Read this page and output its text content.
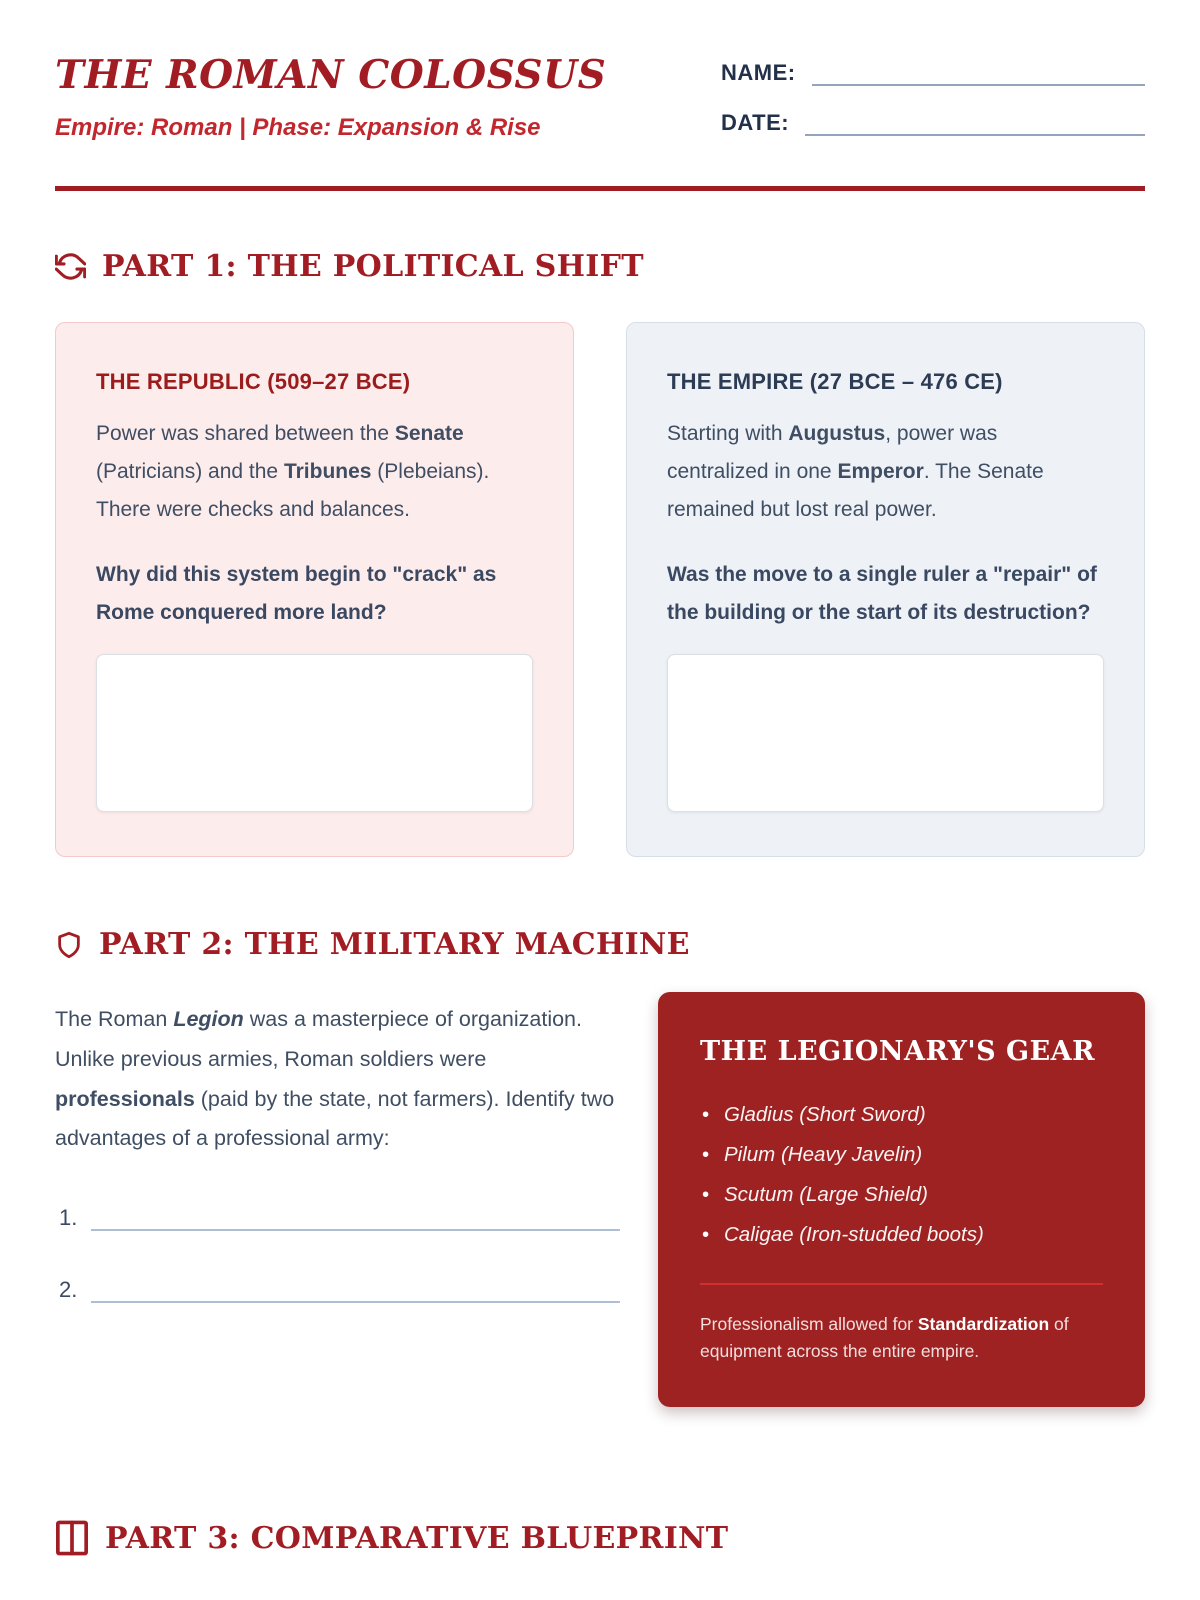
THE ROMAN COLOSSUS
Empire: Roman | Phase: Expansion & Rise
NAME:
DATE:
PART 1: THE POLITICAL SHIFT
THE REPUBLIC (509–27 BCE)

Power was shared between the Senate (Patricians) and the Tribunes (Plebeians). There were checks and balances.

Why did this system begin to "crack" as Rome conquered more land?

THE EMPIRE (27 BCE – 476 CE)

Starting with Augustus, power was centralized in one Emperor. The Senate remained but lost real power.

Was the move to a single ruler a "repair" of the building or the start of its destruction?

PART 2: THE MILITARY MACHINE

The Roman Legion was a masterpiece of organization. Unlike previous armies, Roman soldiers were professionals (paid by the state, not farmers). Identify two advantages of a professional army:

1.
2.
THE LEGIONARY'S GEAR
• Gladius (Short Sword)
• Pilum (Heavy Javelin)
• Scutum (Large Shield)
• Caligae (Iron-studded boots)

Professionalism allowed for Standardization of equipment across the entire empire.

PART 3: COMPARATIVE BLUEPRINT
